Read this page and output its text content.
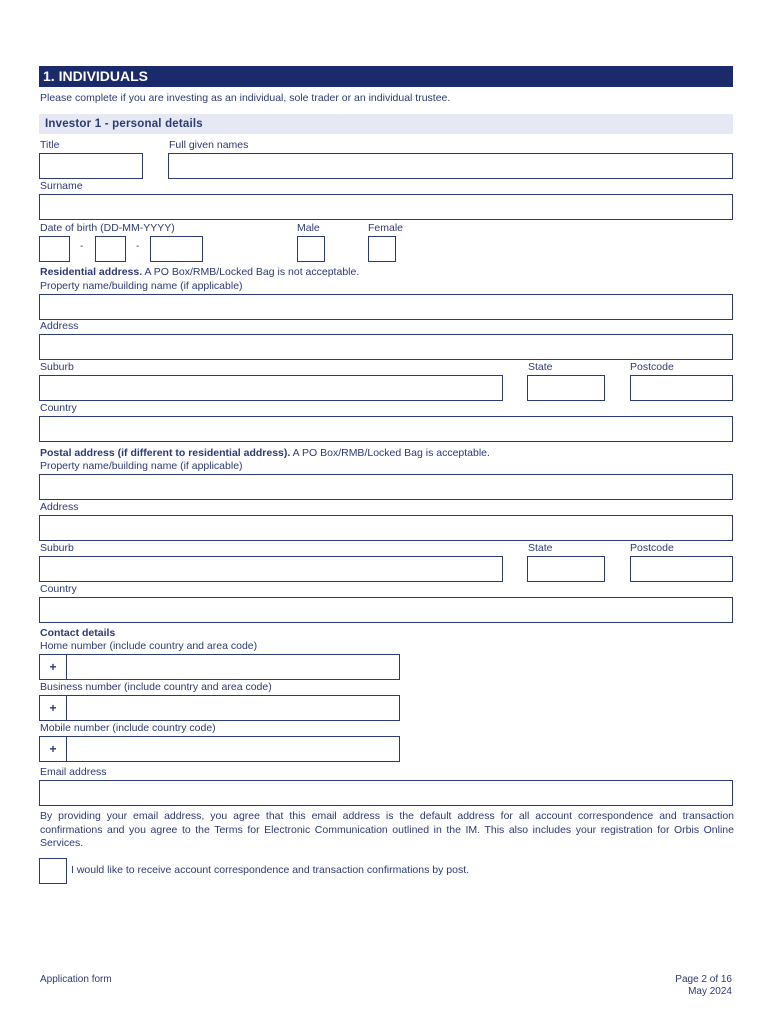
1. INDIVIDUALS
Please complete if you are investing as an individual, sole trader or an individual trustee.
Investor 1 - personal details
Title	Full given names
Surname
Date of birth (DD-MM-YYYY)	Male	Female
-	-
Residential address. A PO Box/RMB/Locked Bag is not acceptable.
Property name/building name (if applicable)
Address
Suburb	State	Postcode
Country
Postal address (if different to residential address). A PO Box/RMB/Locked Bag is acceptable.
Property name/building name (if applicable)
Address
Suburb	State	Postcode
Country
Contact details
Home number (include country and area code)
+
Business number (include country and area code)
+
Mobile number (include country code)
+
Email address
By providing your email address, you agree that this email address is the default address for all account correspondence and transaction confirmations and you agree to the Terms for Electronic Communication outlined in the IM. This also includes your registration for Orbis Online Services.
I would like to receive account correspondence and transaction confirmations by post.
Application form	Page 2 of 16
May 2024
